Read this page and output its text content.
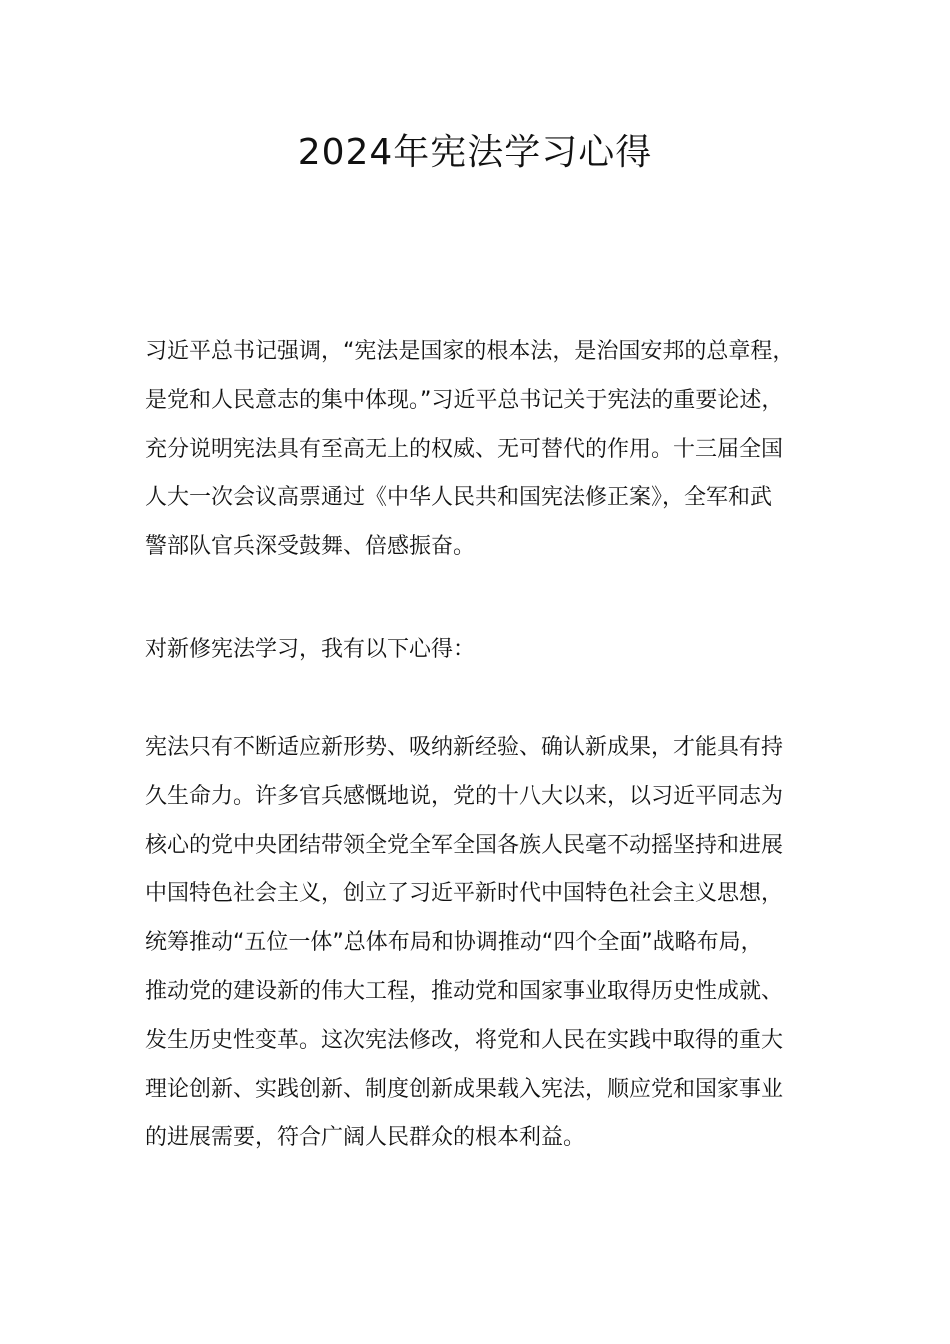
2024年宪法学习心得
习近平总书记强调，“宪法是国家的根本法，是治国安邦的总章程，
是党和人民意志的集中体现。”习近平总书记关于宪法的重要论述，
充分说明宪法具有至高无上的权威、无可替代的作用。十三届全国
人大一次会议高票通过《中华人民共和国宪法修正案》，全军和武
警部队官兵深受鼓舞、倍感振奋。
对新修宪法学习，我有以下心得：
宪法只有不断适应新形势、吸纳新经验、确认新成果，才能具有持
久生命力。许多官兵感慨地说，党的十八大以来，以习近平同志为
核心的党中央团结带领全党全军全国各族人民毫不动摇坚持和进展
中国特色社会主义，创立了习近平新时代中国特色社会主义思想，
统筹推动“五位一体”总体布局和协调推动“四个全面”战略布局，
推动党的建设新的伟大工程，推动党和国家事业取得历史性成就、
发生历史性变革。这次宪法修改，将党和人民在实践中取得的重大
理论创新、实践创新、制度创新成果载入宪法，顺应党和国家事业
的进展需要，符合广阔人民群众的根本利益。
